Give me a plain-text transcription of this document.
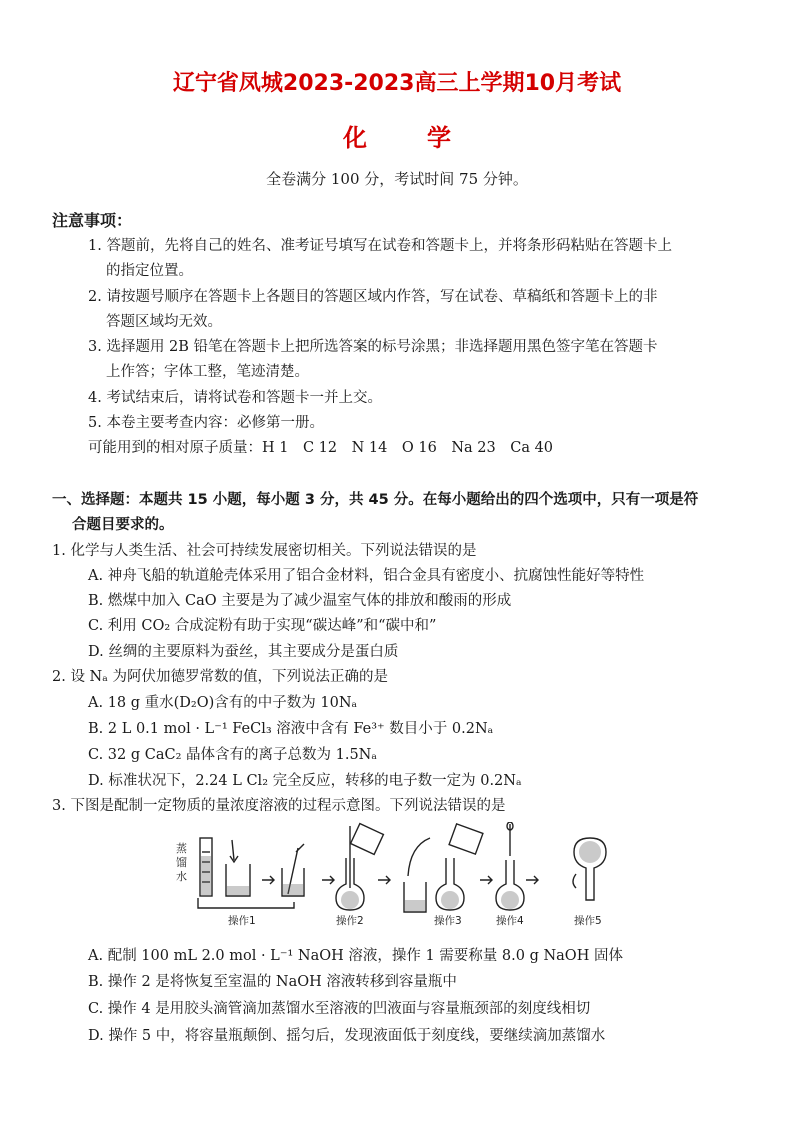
辽宁省凤城2023-2023高三上学期10月考试
化学
全卷满分 100 分，考试时间 75 分钟。
注意事项：
1. 答题前，先将自己的姓名、准考证号填写在试卷和答题卡上，并将条形码粘贴在答题卡上
的指定位置。
2. 请按题号顺序在答题卡上各题目的答题区域内作答，写在试卷、草稿纸和答题卡上的非
答题区域均无效。
3. 选择题用 2B 铅笔在答题卡上把所选答案的标号涂黑；非选择题用黑色签字笔在答题卡
上作答；字体工整，笔迹清楚。
4. 考试结束后，请将试卷和答题卡一并上交。
5. 本卷主要考查内容：必修第一册。
可能用到的相对原子质量：H 1　C 12　N 14　O 16　Na 23　Ca 40
一、选择题：本题共 15 小题，每小题 3 分，共 45 分。在每小题给出的四个选项中，只有一项是符
合题目要求的。
1. 化学与人类生活、社会可持续发展密切相关。下列说法错误的是
A. 神舟飞船的轨道舱壳体采用了铝合金材料，铝合金具有密度小、抗腐蚀性能好等特性
B. 燃煤中加入 CaO 主要是为了减少温室气体的排放和酸雨的形成
C. 利用 CO₂ 合成淀粉有助于实现“碳达峰”和“碳中和”
D. 丝绸的主要原料为蚕丝，其主要成分是蛋白质
2. 设 Nₐ 为阿伏加德罗常数的值，下列说法正确的是
A. 18 g 重水(D₂O)含有的中子数为 10Nₐ
B. 2 L 0.1 mol · L⁻¹ FeCl₃ 溶液中含有 Fe³⁺ 数目小于 0.2Nₐ
C. 32 g CaC₂ 晶体含有的离子总数为 1.5Nₐ
D. 标准状况下，2.24 L Cl₂ 完全反应，转移的电子数一定为 0.2Nₐ
3. 下图是配制一定物质的量浓度溶液的过程示意图。下列说法错误的是
蒸
馏
水
操作1	操作2	操作3	操作4	操作5
A. 配制 100 mL 2.0 mol · L⁻¹ NaOH 溶液，操作 1 需要称量 8.0 g NaOH 固体
B. 操作 2 是将恢复至室温的 NaOH 溶液转移到容量瓶中
C. 操作 4 是用胶头滴管滴加蒸馏水至溶液的凹液面与容量瓶颈部的刻度线相切
D. 操作 5 中，将容量瓶颠倒、摇匀后，发现液面低于刻度线，要继续滴加蒸馏水
